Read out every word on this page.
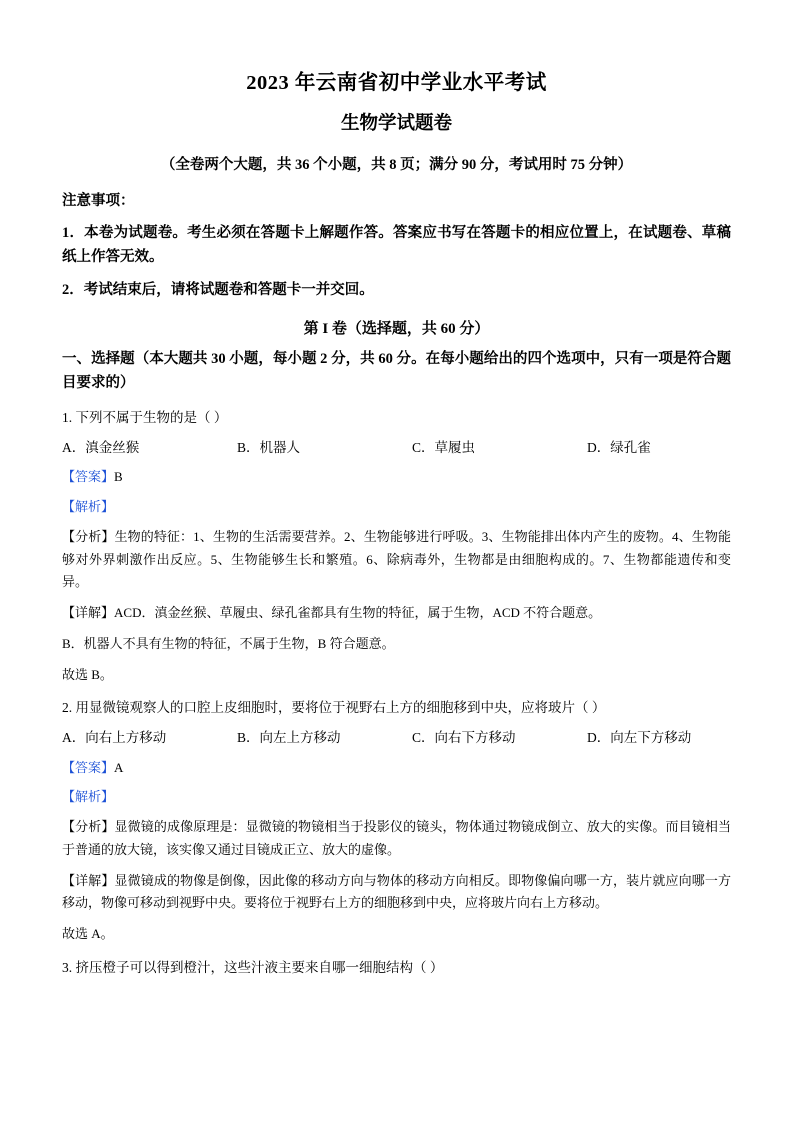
2023 年云南省初中学业水平考试
生物学试题卷

（全卷两个大题，共 36 个小题，共 8 页；满分 90 分，考试用时 75 分钟）

注意事项：

1．本卷为试题卷。考生必须在答题卡上解题作答。答案应书写在答题卡的相应位置上，在试题卷、草稿纸上作答无效。

2．考试结束后，请将试题卷和答题卡一并交回。

第 I 卷（选择题，共 60 分）

一、选择题（本大题共 30 小题，每小题 2 分，共 60 分。在每小题给出的四个选项中，只有一项是符合题目要求的）

1. 下列不属于生物的是（ ）

A．滇金丝猴	B．机器人	C．草履虫	D．绿孔雀

【答案】B

【解析】

【分析】生物的特征：1、生物的生活需要营养。2、生物能够进行呼吸。3、生物能排出体内产生的废物。4、生物能够对外界刺激作出反应。5、生物能够生长和繁殖。6、除病毒外，生物都是由细胞构成的。7、生物都能遗传和变异。

【详解】ACD．滇金丝猴、草履虫、绿孔雀都具有生物的特征，属于生物，ACD 不符合题意。

B．机器人不具有生物的特征，不属于生物，B 符合题意。

故选 B。

2. 用显微镜观察人的口腔上皮细胞时，要将位于视野右上方的细胞移到中央，应将玻片（ ）

A．向右上方移动	B．向左上方移动	C．向右下方移动	D．向左下方移动

【答案】A

【解析】

【分析】显微镜的成像原理是：显微镜的物镜相当于投影仪的镜头，物体通过物镜成倒立、放大的实像。而目镜相当于普通的放大镜，该实像又通过目镜成正立、放大的虚像。

【详解】显微镜成的物像是倒像，因此像的移动方向与物体的移动方向相反。即物像偏向哪一方，装片就应向哪一方移动，物像可移动到视野中央。要将位于视野右上方的细胞移到中央，应将玻片向右上方移动。

故选 A。

3. 挤压橙子可以得到橙汁，这些汁液主要来自哪一细胞结构（ ）
